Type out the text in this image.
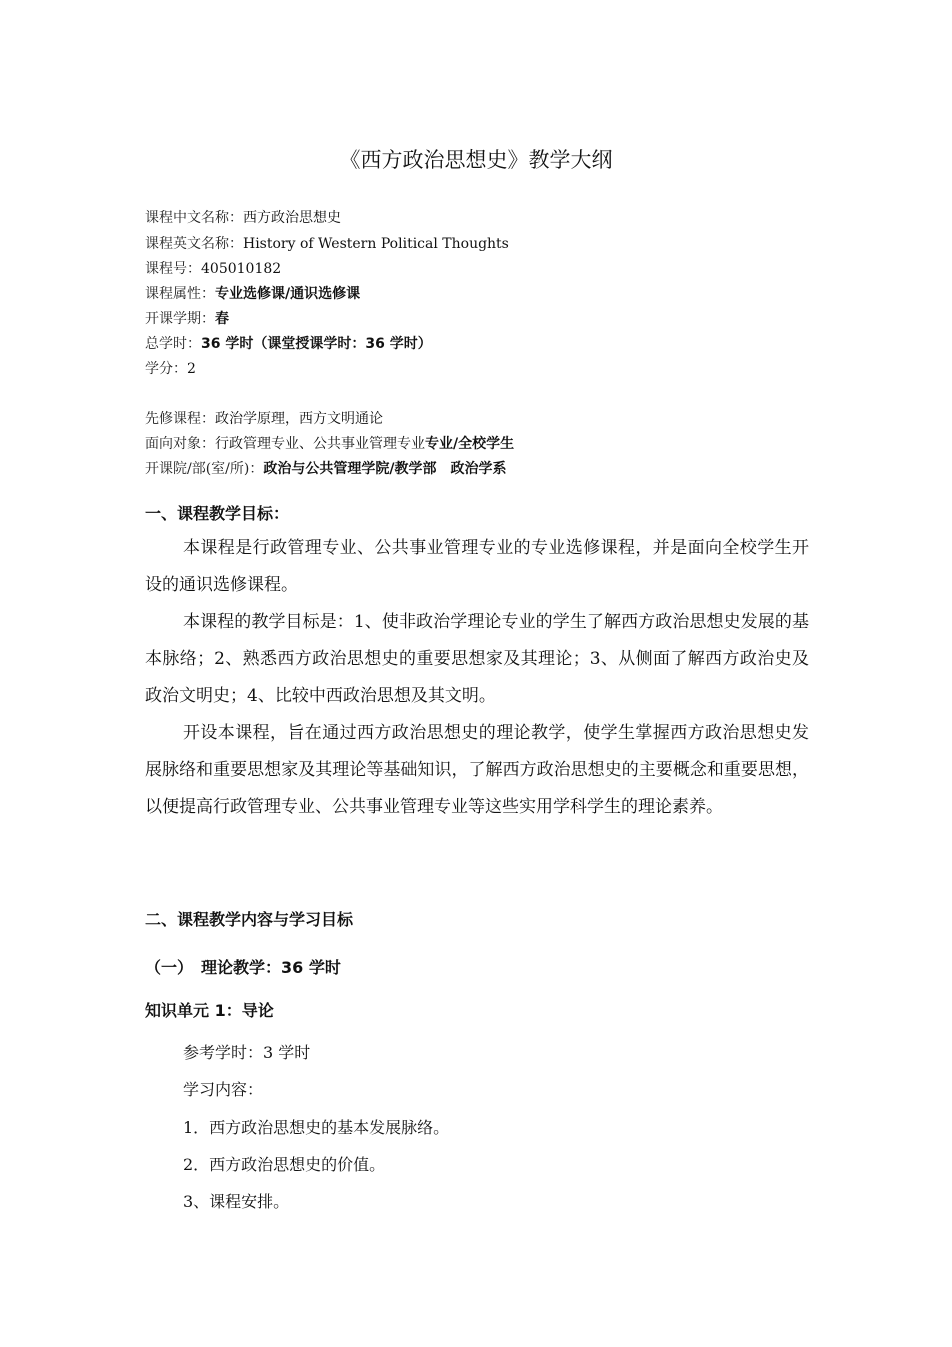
《西方政治思想史》教学大纲
课程中文名称：西方政治思想史
课程英文名称：History of Western Political Thoughts
课程号：405010182
课程属性：专业选修课/通识选修课
开课学期：春
总学时：36 学时（课堂授课学时：36 学时）
学分：2
先修课程：政治学原理，西方文明通论
面向对象：行政管理专业、公共事业管理专业专业/全校学生
开课院/部(室/所)：政治与公共管理学院/教学部　政治学系
一、课程教学目标：
本课程是行政管理专业、公共事业管理专业的专业选修课程，并是面向全校学生开设的通识选修课程。
本课程的教学目标是：1、使非政治学理论专业的学生了解西方政治思想史发展的基本脉络；2、熟悉西方政治思想史的重要思想家及其理论；3、从侧面了解西方政治史及政治文明史；4、比较中西政治思想及其文明。
开设本课程，旨在通过西方政治思想史的理论教学，使学生掌握西方政治思想史发展脉络和重要思想家及其理论等基础知识，了解西方政治思想史的主要概念和重要思想，以便提高行政管理专业、公共事业管理专业等这些实用学科学生的理论素养。
二、课程教学内容与学习目标
（一）　理论教学：36 学时
知识单元 1：导论
参考学时：3 学时
学习内容：
1．西方政治思想史的基本发展脉络。
2．西方政治思想史的价值。
3、课程安排。
